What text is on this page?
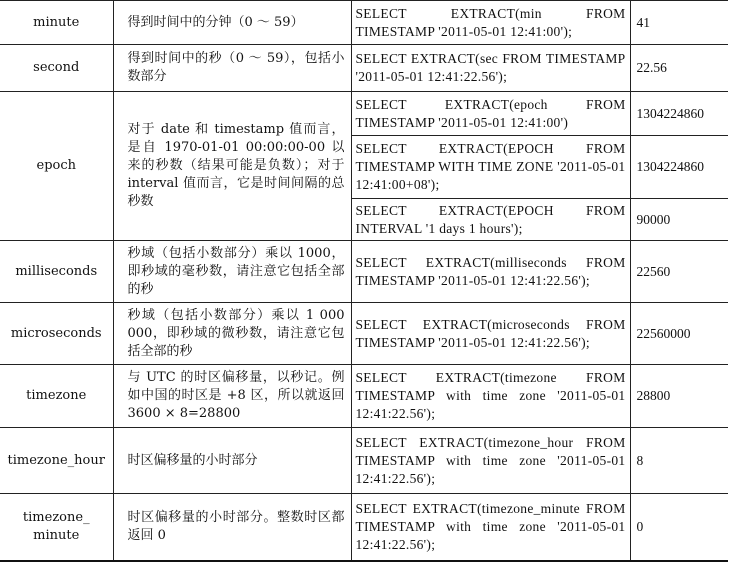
minute	得到时间中的分钟（0 ～ 59）	SELECT EXTRACT(min FROM TIMESTAMP '2011-05-01 12:41:00');	41
second	得到时间中的秒（0 ～ 59），包括小数部分	SELECT EXTRACT(sec FROM TIMESTAMP '2011-05-01 12:41:22.56');	22.56
epoch	对于 date 和 timestamp 值而言，是自 1970-01-01 00:00:00-00 以来的秒数（结果可能是负数）；对于 interval 值而言，它是时间间隔的总秒数	SELECT EXTRACT(epoch FROM TIMESTAMP '2011-05-01 12:41:00')	1304224860
		SELECT EXTRACT(EPOCH FROM TIMESTAMP WITH TIME ZONE '2011-05-01 12:41:00+08');	1304224860
		SELECT EXTRACT(EPOCH FROM INTERVAL '1 days 1 hours');	90000
milliseconds	秒域（包括小数部分）乘以 1000，即秒域的毫秒数，请注意它包括全部的秒	SELECT EXTRACT(milliseconds FROM TIMESTAMP '2011-05-01 12:41:22.56');	22560
microseconds	秒域（包括小数部分）乘以 1 000 000，即秒域的微秒数，请注意它包括全部的秒	SELECT EXTRACT(microseconds FROM TIMESTAMP '2011-05-01 12:41:22.56');	22560000
timezone	与 UTC 的时区偏移量，以秒记。例如中国的时区是 +8 区，所以就返回 3600 × 8=28800	SELECT EXTRACT(timezone FROM TIMESTAMP with time zone '2011-05-01 12:41:22.56');	28800
timezone_hour	时区偏移量的小时部分	SELECT EXTRACT(timezone_hour FROM TIMESTAMP with time zone '2011-05-01 12:41:22.56');	8
timezone_ minute	时区偏移量的小时部分。整数时区都返回 0	SELECT EXTRACT(timezone_minute FROM TIMESTAMP with time zone '2011-05-01 12:41:22.56');	0
